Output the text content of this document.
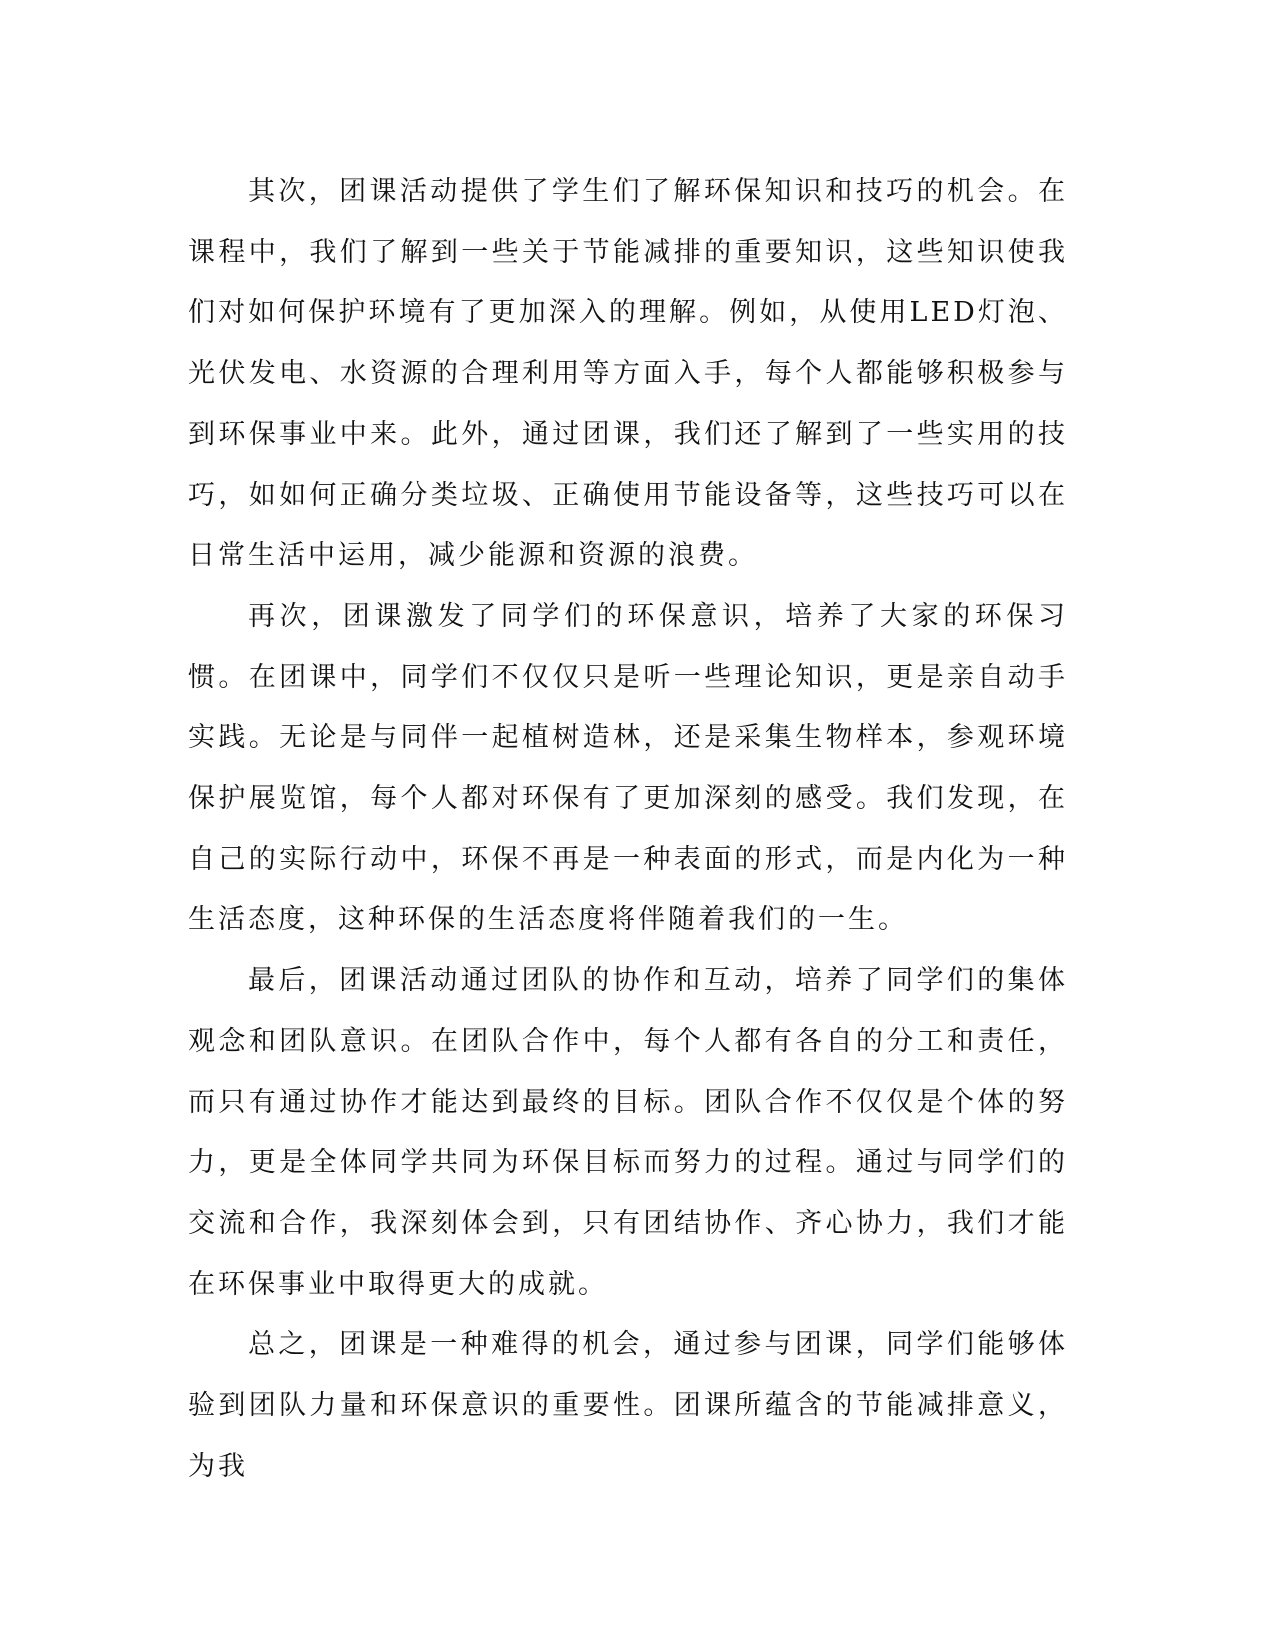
其次，团课活动提供了学生们了解环保知识和技巧的机会。在课程中，我们了解到一些关于节能减排的重要知识，这些知识使我们对如何保护环境有了更加深入的理解。例如，从使用LED灯泡、光伏发电、水资源的合理利用等方面入手，每个人都能够积极参与到环保事业中来。此外，通过团课，我们还了解到了一些实用的技巧，如如何正确分类垃圾、正确使用节能设备等，这些技巧可以在日常生活中运用，减少能源和资源的浪费。

再次，团课激发了同学们的环保意识，培养了大家的环保习惯。在团课中，同学们不仅仅只是听一些理论知识，更是亲自动手实践。无论是与同伴一起植树造林，还是采集生物样本，参观环境保护展览馆，每个人都对环保有了更加深刻的感受。我们发现，在自己的实际行动中，环保不再是一种表面的形式，而是内化为一种生活态度，这种环保的生活态度将伴随着我们的一生。

最后，团课活动通过团队的协作和互动，培养了同学们的集体观念和团队意识。在团队合作中，每个人都有各自的分工和责任，而只有通过协作才能达到最终的目标。团队合作不仅仅是个体的努力，更是全体同学共同为环保目标而努力的过程。通过与同学们的交流和合作，我深刻体会到，只有团结协作、齐心协力，我们才能在环保事业中取得更大的成就。

总之，团课是一种难得的机会，通过参与团课，同学们能够体验到团队力量和环保意识的重要性。团课所蕴含的节能减排意义，为我
